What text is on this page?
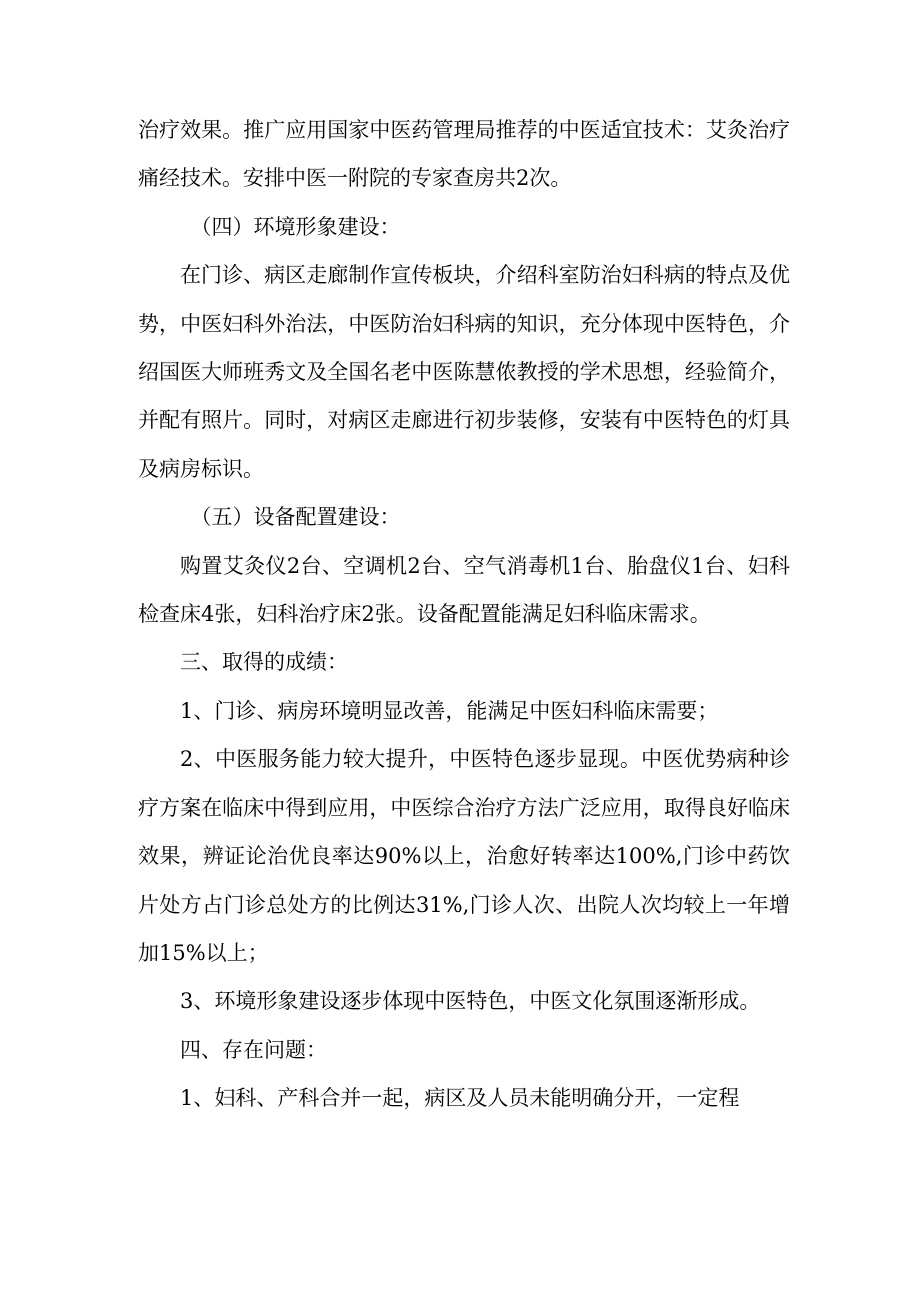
治疗效果。推广应用国家中医药管理局推荐的中医适宜技术：艾灸治疗痛经技术。安排中医一附院的专家查房共2次。

（四）环境形象建设：

在门诊、病区走廊制作宣传板块，介绍科室防治妇科病的特点及优势，中医妇科外治法，中医防治妇科病的知识，充分体现中医特色，介绍国医大师班秀文及全国名老中医陈慧侬教授的学术思想，经验简介，并配有照片。同时，对病区走廊进行初步装修，安装有中医特色的灯具及病房标识。

（五）设备配置建设：

购置艾灸仪2台、空调机2台、空气消毒机1台、胎盘仪1台、妇科检查床4张，妇科治疗床2张。设备配置能满足妇科临床需求。

三、取得的成绩：

1、门诊、病房环境明显改善，能满足中医妇科临床需要；

2、中医服务能力较大提升，中医特色逐步显现。中医优势病种诊疗方案在临床中得到应用，中医综合治疗方法广泛应用，取得良好临床效果，辨证论治优良率达90%以上，治愈好转率达100%,门诊中药饮片处方占门诊总处方的比例达31%,门诊人次、出院人次均较上一年增加15%以上；

3、环境形象建设逐步体现中医特色，中医文化氛围逐渐形成。

四、存在问题：

1、妇科、产科合并一起，病区及人员未能明确分开，一定程
